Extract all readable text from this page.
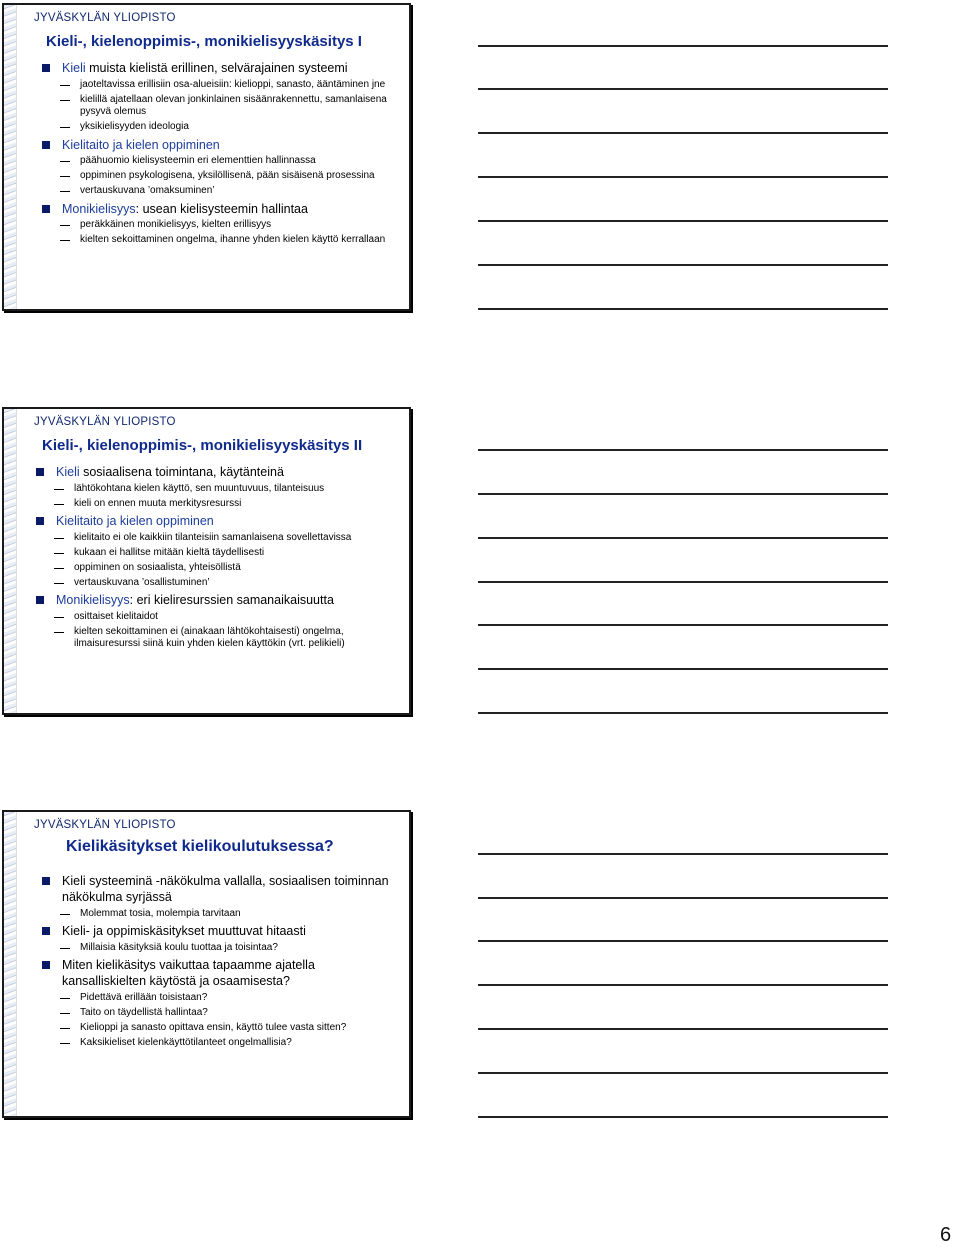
JYVÄSKYLÄN YLIOPISTO
Kieli-, kielenoppimis-, monikielisyyskäsitys I
Kieli muista kielistä erillinen, selvärajainen systeemi
jaoteltavissa erillisiin osa-alueisiin: kielioppi, sanasto, ääntäminen jne
kielillä ajatellaan olevan jonkinlainen sisäänrakennettu, samanlaisena pysyvä olemus
yksikielisyyden ideologia
Kielitaito ja kielen oppiminen
päähuomio kielisysteemin eri elementtien hallinnassa
oppiminen psykologisena, yksilöllisenä, pään sisäisenä prosessina
vertauskuvana ’omaksuminen’
Monikielisyys: usean kielisysteemin hallintaa
peräkkäinen monikielisyys, kielten erillisyys
kielten sekoittaminen ongelma, ihanne yhden kielen käyttö kerrallaan
JYVÄSKYLÄN YLIOPISTO
Kieli-, kielenoppimis-, monikielisyyskäsitys II
Kieli sosiaalisena toimintana, käytänteinä
lähtökohtana kielen käyttö, sen muuntuvuus, tilanteisuus
kieli on ennen muuta merkitysresurssi
Kielitaito ja kielen oppiminen
kielitaito ei ole kaikkiin tilanteisiin samanlaisena sovellettavissa
kukaan ei hallitse mitään kieltä täydellisesti
oppiminen on sosiaalista, yhteisöllistä
vertauskuvana ’osallistuminen’
Monikielisyys: eri kieliresurssien samanaikaisuutta
osittaiset kielitaidot
kielten sekoittaminen ei (ainakaan lähtökohtaisesti) ongelma, ilmaisuresurssi siinä kuin yhden kielen käyttökin (vrt. pelikieli)
JYVÄSKYLÄN YLIOPISTO
Kielikäsitykset kielikoulutuksessa?
Kieli systeeminä -näkökulma vallalla, sosiaalisen toiminnan näkökulma syrjässä
Molemmat tosia, molempia tarvitaan
Kieli- ja oppimiskäsitykset muuttuvat hitaasti
Millaisia käsityksiä koulu tuottaa ja toisintaa?
Miten kielikäsitys vaikuttaa tapaamme ajatella kansalliskielten käytöstä ja osaamisesta?
Pidettävä erillään toisistaan?
Taito on täydellistä hallintaa?
Kielioppi ja sanasto opittava ensin, käyttö tulee vasta sitten?
Kaksikieliset kielenkäyttötilanteet ongelmallisia?
6
